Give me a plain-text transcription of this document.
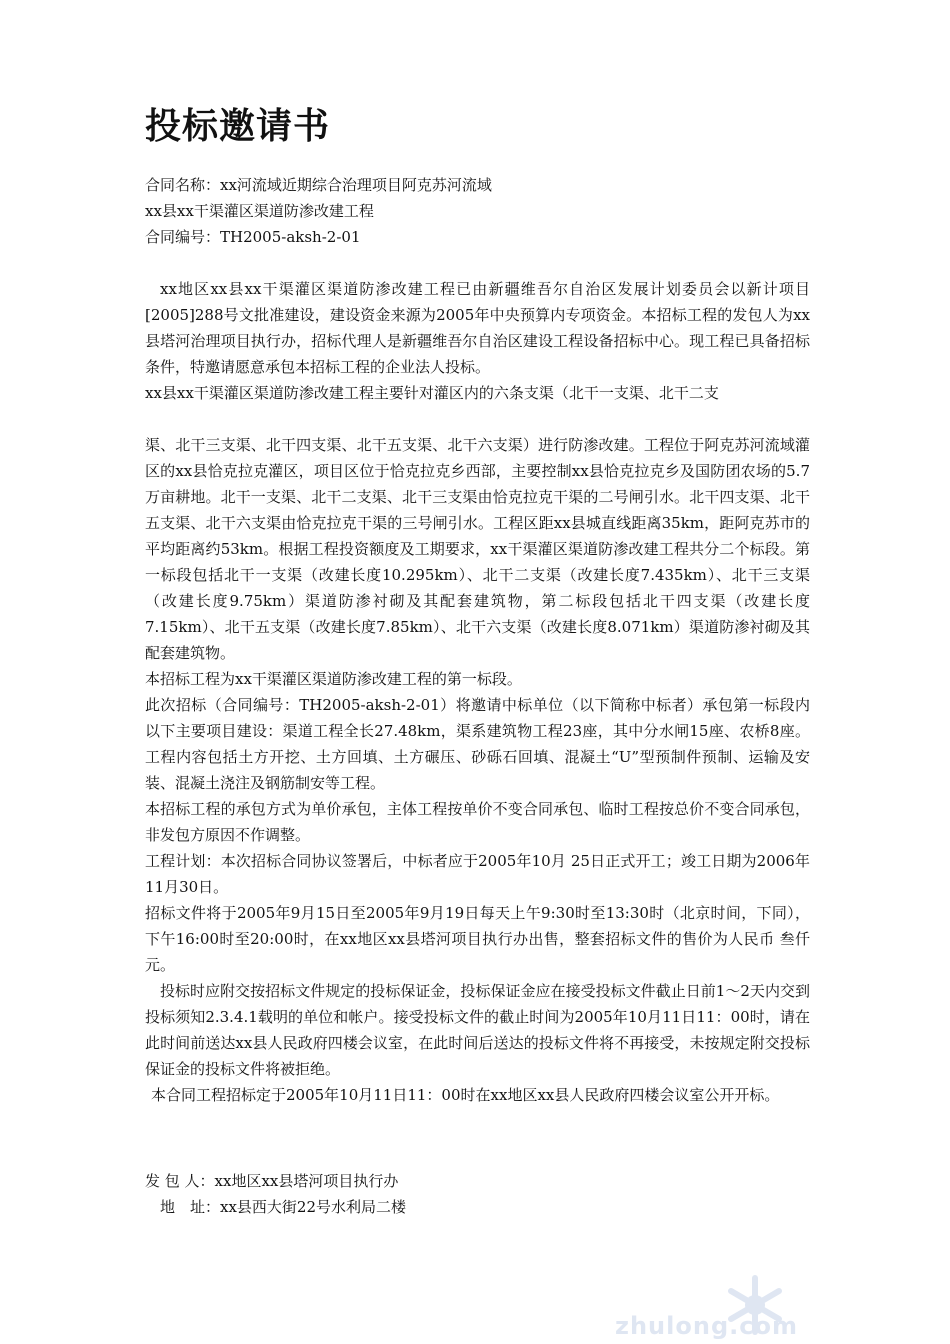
投标邀请书
合同名称：xx河流域近期综合治理项目阿克苏河流域
xx县xx干渠灌区渠道防渗改建工程
合同编号：TH2005-aksh-2-01

xx地区xx县xx干渠灌区渠道防渗改建工程已由新疆维吾尔自治区发展计划委员会以新计项目[2005]288号文批准建设，建设资金来源为2005年中央预算内专项资金。本招标工程的发包人为xx县塔河治理项目执行办，招标代理人是新疆维吾尔自治区建设工程设备招标中心。现工程已具备招标条件，特邀请愿意承包本招标工程的企业法人投标。

xx县xx干渠灌区渠道防渗改建工程主要针对灌区内的六条支渠（北干一支渠、北干二支

渠、北干三支渠、北干四支渠、北干五支渠、北干六支渠）进行防渗改建。工程位于阿克苏河流域灌区的xx县恰克拉克灌区，项目区位于恰克拉克乡西部，主要控制xx县恰克拉克乡及国防团农场的5.7万亩耕地。北干一支渠、北干二支渠、北干三支渠由恰克拉克干渠的二号闸引水。北干四支渠、北干五支渠、北干六支渠由恰克拉克干渠的三号闸引水。工程区距xx县城直线距离35km，距阿克苏市的平均距离约53km。根据工程投资额度及工期要求，xx干渠灌区渠道防渗改建工程共分二个标段。第一标段包括北干一支渠（改建长度10.295km）、北干二支渠（改建长度7.435km）、北干三支渠（改建长度9.75km）渠道防渗衬砌及其配套建筑物，第二标段包括北干四支渠（改建长度 7.15km）、北干五支渠（改建长度7.85km）、北干六支渠（改建长度8.071km）渠道防渗衬砌及其配套建筑物。

本招标工程为xx干渠灌区渠道防渗改建工程的第一标段。

此次招标（合同编号：TH2005-aksh-2-01）将邀请中标单位（以下简称中标者）承包第一标段内以下主要项目建设：渠道工程全长27.48km，渠系建筑物工程23座，其中分水闸15座、农桥8座。工程内容包括土方开挖、土方回填、土方碾压、砂砾石回填、混凝土“U”型预制件预制、运输及安装、混凝土浇注及钢筋制安等工程。

本招标工程的承包方式为单价承包，主体工程按单价不变合同承包、临时工程按总价不变合同承包，非发包方原因不作调整。

工程计划：本次招标合同协议签署后，中标者应于2005年10月 25日正式开工；竣工日期为2006年11月30日。

招标文件将于2005年9月15日至2005年9月19日每天上午9:30时至13:30时（北京时间，下同），下午16:00时至20:00时，在xx地区xx县塔河项目执行办出售，整套招标文件的售价为人民币 叁仟 元。

投标时应附交按招标文件规定的投标保证金，投标保证金应在接受投标文件截止日前1～2天内交到投标须知2.3.4.1载明的单位和帐户。接受投标文件的截止时间为2005年10月11日11：00时，请在此时间前送达xx县人民政府四楼会议室，在此时间后送达的投标文件将不再接受，未按规定附交投标保证金的投标文件将被拒绝。

本合同工程招标定于2005年10月11日11：00时在xx地区xx县人民政府四楼会议室公开开标。

发 包 人：xx地区xx县塔河项目执行办
　地　址：xx县西大街22号水利局二楼
zhulong.com
